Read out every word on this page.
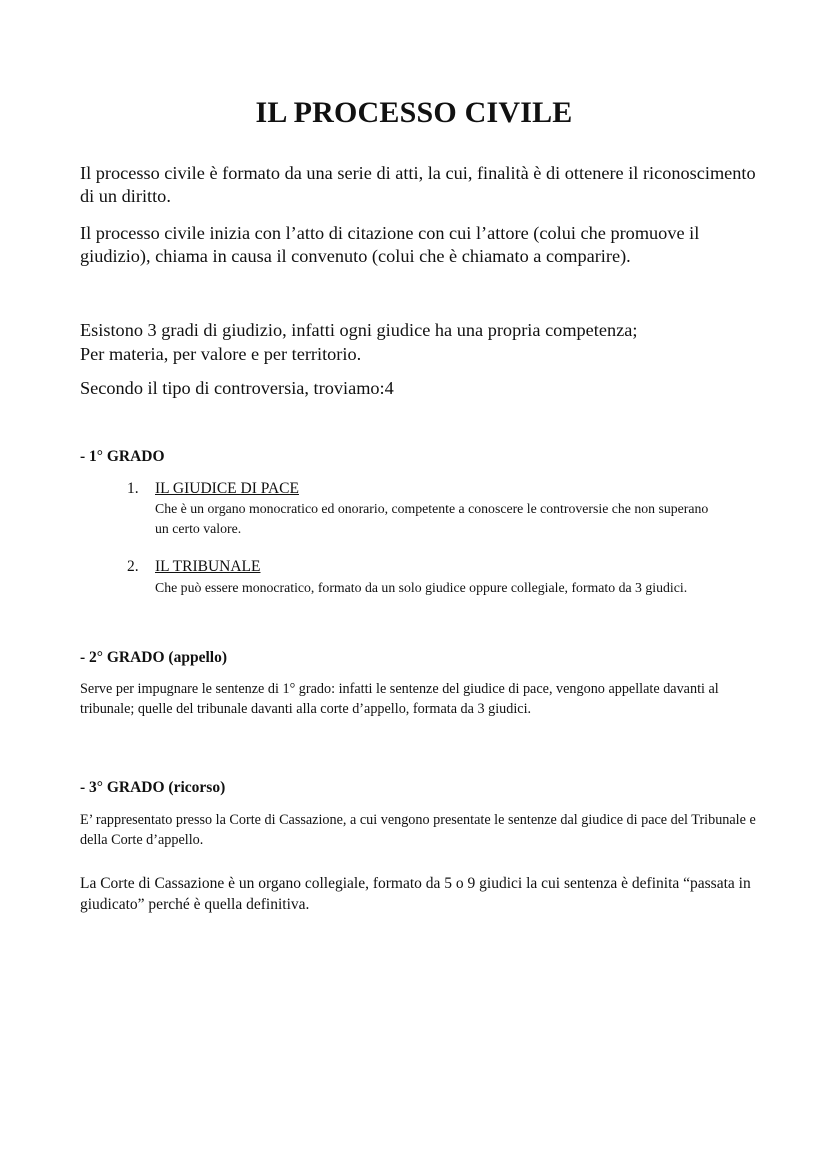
IL PROCESSO CIVILE

Il processo civile è formato da una serie di atti, la cui, finalità è di ottenere il riconoscimento di un diritto.

Il processo civile inizia con l’atto di citazione con cui l’attore (colui che promuove il giudizio), chiama in causa il convenuto (colui che è chiamato a comparire).

Esistono 3 gradi di giudizio, infatti ogni giudice ha una propria competenza;

Per materia, per valore e per territorio.

Secondo il tipo di controversia, troviamo:4

- 1° GRADO
1. IL GIUDICE DI PACE

Che è un organo monocratico ed onorario, competente a conoscere le controversie che non superano un certo valore.

2. IL TRIBUNALE

Che può essere monocratico, formato da un solo giudice oppure collegiale, formato da 3 giudici.

- 2° GRADO (appello)

Serve per impugnare le sentenze di 1° grado: infatti le sentenze del giudice di pace, vengono appellate davanti al tribunale; quelle del tribunale davanti alla corte d’appello, formata da 3 giudici.

- 3° GRADO (ricorso)

E’ rappresentato presso la Corte di Cassazione, a cui vengono presentate le sentenze dal giudice di pace del Tribunale e della Corte d’appello.

La Corte di Cassazione è un organo collegiale, formato da 5 o 9 giudici la cui sentenza è definita “passata in giudicato” perché è quella definitiva.
